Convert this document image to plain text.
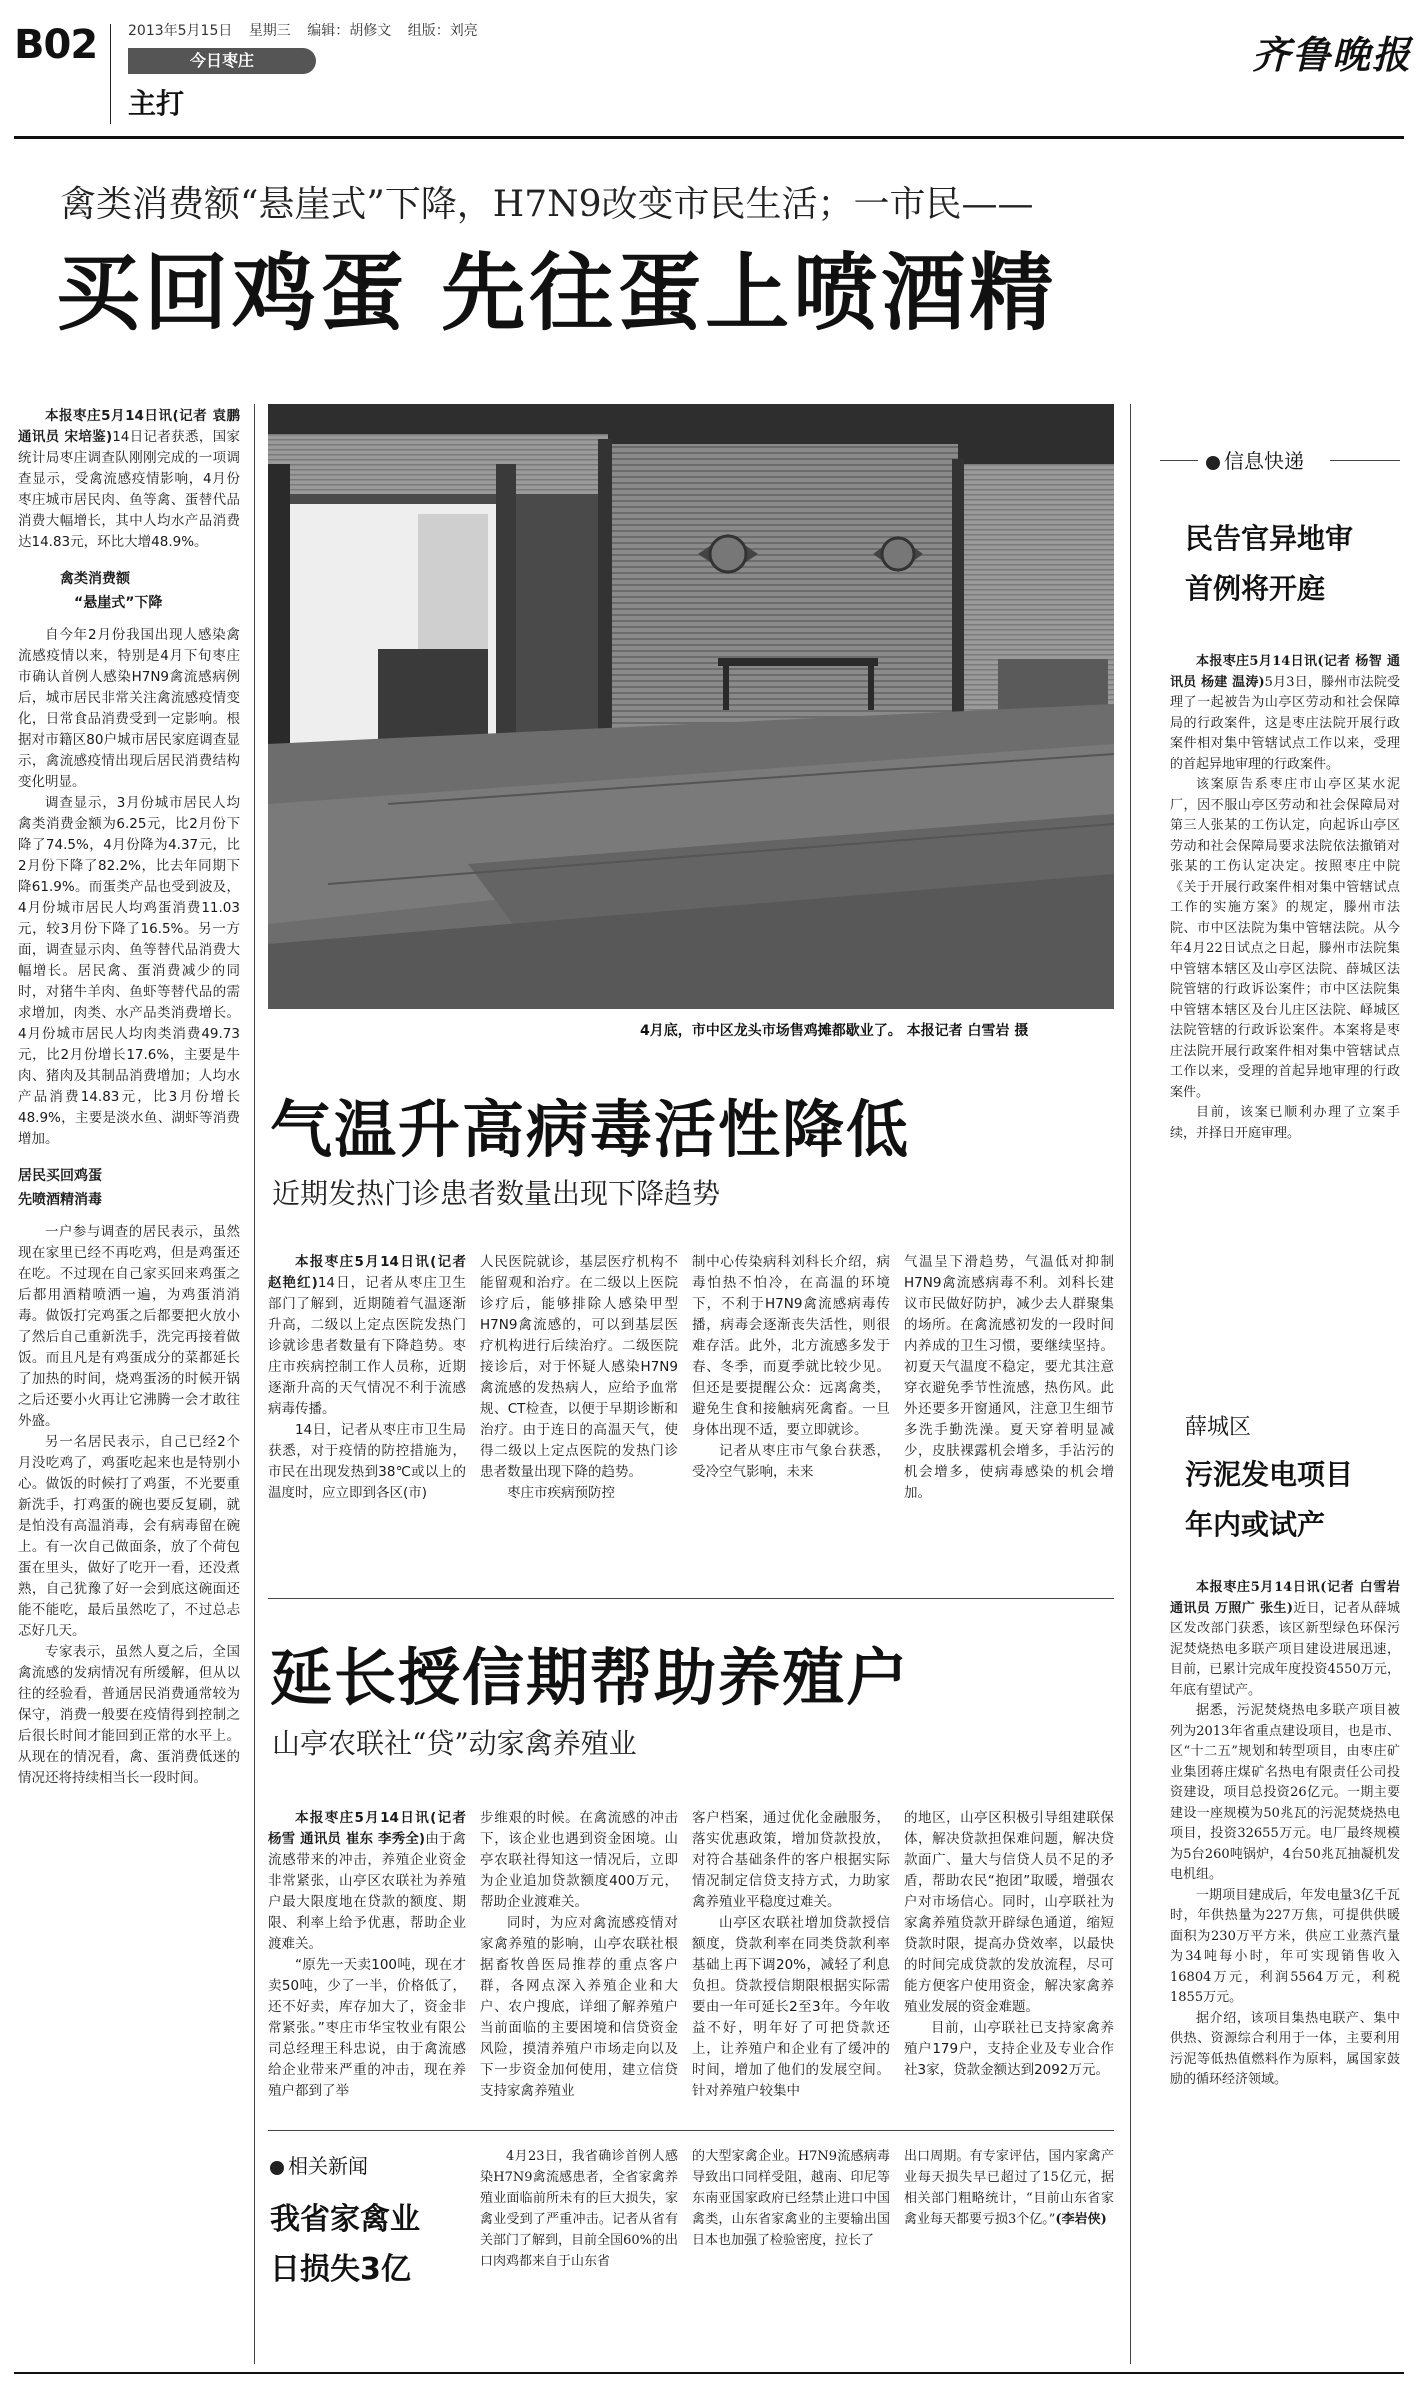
B02 2013年5月15日 星期三 编辑：胡修文 组版：刘亮
今日枣庄
主打
齐鲁晚报
禽类消费额“悬崖式”下降，H7N9改变市民生活；一市民——
买回鸡蛋 先往蛋上喷酒精

本报枣庄5月14日讯(记者 袁鹏 通讯员 宋培鉴)14日记者获悉，国家统计局枣庄调查队刚刚完成的一项调查显示，受禽流感疫情影响，4月份枣庄城市居民肉、鱼等禽、蛋替代品消费大幅增长，其中人均水产品消费达14.83元，环比大增48.9%。

禽类消费额
“悬崖式”下降

自今年2月份我国出现人感染禽流感疫情以来，特别是4月下旬枣庄市确认首例人感染H7N9禽流感病例后，城市居民非常关注禽流感疫情变化，日常食品消费受到一定影响。根据对市籍区80户城市居民家庭调查显示，禽流感疫情出现后居民消费结构变化明显。

调查显示，3月份城市居民人均禽类消费金额为6.25元，比2月份下降了74.5%，4月份降为4.37元，比2月份下降了82.2%，比去年同期下降61.9%。而蛋类产品也受到波及，4月份城市居民人均鸡蛋消费11.03元，较3月份下降了16.5%。另一方面，调查显示肉、鱼等替代品消费大幅增长。居民禽、蛋消费减少的同时，对猪牛羊肉、鱼虾等替代品的需求增加，肉类、水产品类消费增长。4月份城市居民人均肉类消费49.73元，比2月份增长17.6%，主要是牛肉、猪肉及其制品消费增加；人均水产品消费14.83元，比3月份增长48.9%，主要是淡水鱼、湖虾等消费增加。

居民买回鸡蛋
先喷酒精消毒

一户参与调查的居民表示，虽然现在家里已经不再吃鸡，但是鸡蛋还在吃。不过现在自己家买回来鸡蛋之后都用酒精喷洒一遍，为鸡蛋消消毒。做饭打完鸡蛋之后都要把火放小了然后自己重新洗手，洗完再接着做饭。而且凡是有鸡蛋成分的菜都延长了加热的时间，烧鸡蛋汤的时候开锅之后还要小火再让它沸腾一会才敢往外盛。

另一名居民表示，自己已经2个月没吃鸡了，鸡蛋吃起来也是特别小心。做饭的时候打了鸡蛋，不光要重新洗手，打鸡蛋的碗也要反复刷，就是怕没有高温消毒，会有病毒留在碗上。有一次自己做面条，放了个荷包蛋在里头，做好了吃开一看，还没煮熟，自己犹豫了好一会到底这碗面还能不能吃，最后虽然吃了，不过总忐忑好几天。

专家表示，虽然人夏之后，全国禽流感的发病情况有所缓解，但从以往的经验看，普通居民消费通常较为保守，消费一般要在疫情得到控制之后很长时间才能回到正常的水平上。从现在的情况看，禽、蛋消费低迷的情况还将持续相当长一段时间。

4月底，市中区龙头市场售鸡摊都歇业了。 本报记者 白雪岩 摄
气温升高病毒活性降低
近期发热门诊患者数量出现下降趋势

本报枣庄5月14日讯(记者 赵艳红)14日，记者从枣庄卫生部门了解到，近期随着气温逐渐升高，二级以上定点医院发热门诊就诊患者数量有下降趋势。枣庄市疾病控制工作人员称，近期逐渐升高的天气情况不利于流感病毒传播。

14日，记者从枣庄市卫生局获悉，对于疫情的防控措施为，市民在出现发热到38℃或以上的温度时，应立即到各区(市)

人民医院就诊，基层医疗机构不能留观和治疗。在二级以上医院诊疗后，能够排除人感染甲型H7N9禽流感的，可以到基层医疗机构进行后续治疗。二级医院接诊后，对于怀疑人感染H7N9禽流感的发热病人，应给予血常规、CT检查，以便于早期诊断和治疗。由于连日的高温天气，使得二级以上定点医院的发热门诊患者数量出现下降的趋势。

枣庄市疾病预防控

制中心传染病科刘科长介绍，病毒怕热不怕冷，在高温的环境下，不利于H7N9禽流感病毒传播，病毒会逐渐丧失活性，则很难存活。此外，北方流感多发于春、冬季，而夏季就比较少见。但还是要提醒公众：远离禽类，避免生食和接触病死禽畜。一旦身体出现不适，要立即就诊。

记者从枣庄市气象台获悉，受冷空气影响，未来

气温呈下滑趋势，气温低对抑制H7N9禽流感病毒不利。刘科长建议市民做好防护，减少去人群聚集的场所。在禽流感初发的一段时间内养成的卫生习惯，要继续坚持。初夏天气温度不稳定，要尤其注意穿衣避免季节性流感，热伤风。此外还要多开窗通风，注意卫生细节多洗手勤洗澡。夏天穿着明显减少，皮肤裸露机会增多，手沾污的机会增多，使病毒感染的机会增加。

延长授信期帮助养殖户
山亭农联社“贷”动家禽养殖业

本报枣庄5月14日讯(记者 杨雪 通讯员 崔东 李秀全)由于禽流感带来的冲击，养殖企业资金非常紧张，山亭区农联社为养殖户最大限度地在贷款的额度、期限、利率上给予优惠，帮助企业渡难关。

“原先一天卖100吨，现在才卖50吨，少了一半，价格低了，还不好卖，库存加大了，资金非常紧张。”枣庄市华宝牧业有限公司总经理王科忠说，由于禽流感给企业带来严重的冲击，现在养殖户都到了举

步维艰的时候。在禽流感的冲击下，该企业也遇到资金困境。山亭农联社得知这一情况后，立即为企业追加贷款额度400万元，帮助企业渡难关。

同时，为应对禽流感疫情对家禽养殖的影响，山亭农联社根据畜牧兽医局推荐的重点客户群，各网点深入养殖企业和大户、农户搜底，详细了解养殖户当前面临的主要困境和信贷资金风险，摸清养殖户市场走向以及下一步资金加何使用，建立信贷支持家禽养殖业

客户档案，通过优化金融服务，落实优惠政策，增加贷款投放，对符合基础条件的客户根据实际情况制定信贷支持方式，力助家禽养殖业平稳度过难关。

山亭区农联社增加贷款授信额度，贷款利率在同类贷款利率基础上再下调20%，减轻了利息负担。贷款授信期限根据实际需要由一年可延长2至3年。今年收益不好，明年好了可把贷款还上，让养殖户和企业有了缓冲的时间，增加了他们的发展空间。针对养殖户较集中

的地区，山亭区积极引导组建联保体，解决贷款担保难问题，解决贷款面广、量大与信贷人员不足的矛盾，帮助农民“抱团”取暖，增强农户对市场信心。同时，山亭联社为家禽养殖贷款开辟绿色通道，缩短贷款时限，提高办贷效率，以最快的时间完成贷款的发放流程，尽可能方便客户使用资金，解决家禽养殖业发展的资金难题。

目前，山亭联社已支持家禽养殖户179户，支持企业及专业合作社3家，贷款金额达到2092万元。

相关新闻
我省家禽业
日损失3亿

4月23日，我省确诊首例人感染H7N9禽流感患者，全省家禽养殖业面临前所未有的巨大损失，家禽业受到了严重冲击。记者从省有关部门了解到，目前全国60%的出口肉鸡都来自于山东省

的大型家禽企业。H7N9流感病毒导致出口同样受阻，越南、印尼等东南亚国家政府已经禁止进口中国禽类，山东省家禽业的主要输出国日本也加强了检验密度，拉长了

出口周期。有专家评估，国内家禽产业每天损失早已超过了15亿元，据相关部门粗略统计，“目前山东省家禽业每天都要亏损3个亿。”(李岩侠)

信息快递
民告官异地审
首例将开庭

本报枣庄5月14日讯(记者 杨智 通讯员 杨建 温涛)5月3日，滕州市法院受理了一起被告为山亭区劳动和社会保障局的行政案件，这是枣庄法院开展行政案件相对集中管辖试点工作以来，受理的首起异地审理的行政案件。

该案原告系枣庄市山亭区某水泥厂，因不服山亭区劳动和社会保障局对第三人张某的工伤认定，向起诉山亭区劳动和社会保障局要求法院依法撤销对张某的工伤认定决定。按照枣庄中院《关于开展行政案件相对集中管辖试点工作的实施方案》的规定，滕州市法院、市中区法院为集中管辖法院。从今年4月22日试点之日起，滕州市法院集中管辖本辖区及山亭区法院、薛城区法院管辖的行政诉讼案件；市中区法院集中管辖本辖区及台儿庄区法院、峄城区法院管辖的行政诉讼案件。本案将是枣庄法院开展行政案件相对集中管辖试点工作以来，受理的首起异地审理的行政案件。

目前，该案已顺利办理了立案手续，并择日开庭审理。

薛城区
污泥发电项目
年内或试产

本报枣庄5月14日讯(记者 白雪岩 通讯员 万照广 张生)近日，记者从薛城区发改部门获悉，该区新型绿色环保污泥焚烧热电多联产项目建设进展迅速，目前，已累计完成年度投资4550万元，年底有望试产。

据悉，污泥焚烧热电多联产项目被列为2013年省重点建设项目，也是市、区“十二五”规划和转型项目，由枣庄矿业集团蒋庄煤矿名热电有限责任公司投资建设，项目总投资26亿元。一期主要建设一座规模为50兆瓦的污泥焚烧热电项目，投资32655万元。电厂最终规模为5台260吨锅炉，4台50兆瓦抽凝机发电机组。

一期项目建成后，年发电量3亿千瓦时，年供热量为227万焦，可提供供暖面积为230万平方米，供应工业蒸汽量为34吨每小时，年可实现销售收入16804万元，利润5564万元，利税1855万元。

据介绍，该项目集热电联产、集中供热、资源综合利用于一体，主要利用污泥等低热值燃料作为原料，属国家鼓励的循环经济领域。
